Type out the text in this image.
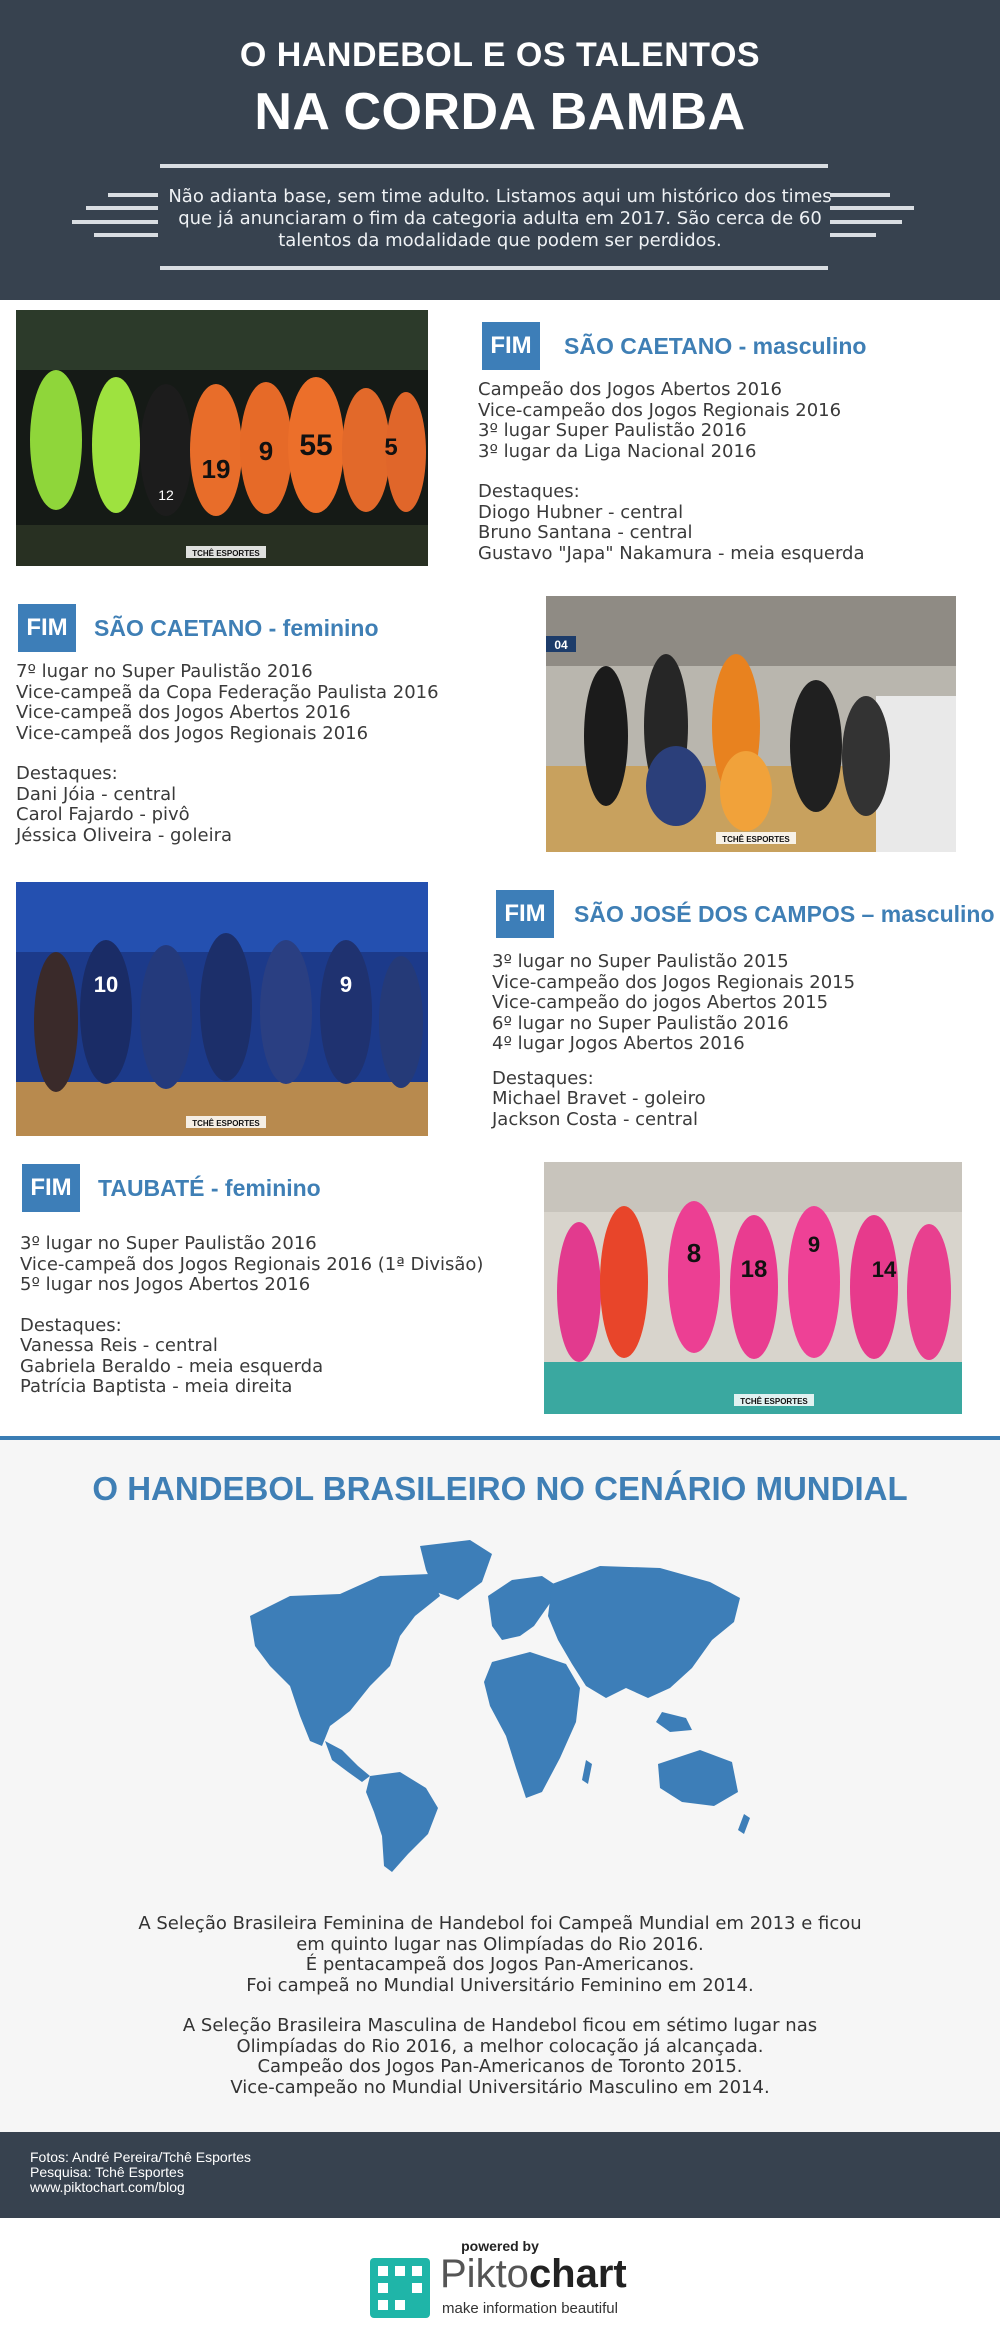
O HANDEBOL E OS TALENTOS
NA CORDA BAMBA
Não adianta base, sem time adulto. Listamos aqui um histórico dos times que já anunciaram o fim da categoria adulta em 2017. São cerca de 60 talentos da modalidade que podem ser perdidos.
12
19
9 55 5
TCHÊ ESPORTES
FIM	SÃO CAETANO - masculino
Campeão dos Jogos Abertos 2016
Vice-campeão dos Jogos Regionais 2016
3º lugar Super Paulistão 2016
3º lugar da Liga Nacional 2016
Destaques:
Diogo Hubner - central
Bruno Santana - central
Gustavo "Japa" Nakamura - meia esquerda
FIM	SÃO CAETANO - feminino
7º lugar no Super Paulistão 2016
Vice-campeã da Copa Federação Paulista 2016
Vice-campeã dos Jogos Abertos 2016
Vice-campeã dos Jogos Regionais 2016
Destaques:
Dani Jóia - central
Carol Fajardo - pivô
Jéssica Oliveira - goleira
04
TCHÊ ESPORTES
10	9
TCHÊ ESPORTES
FIM	SÃO JOSÉ DOS CAMPOS – masculino
3º lugar no Super Paulistão 2015
Vice-campeão dos Jogos Regionais 2015
Vice-campeão do jogos Abertos 2015
6º lugar no Super Paulistão 2016
4º lugar Jogos Abertos 2016
Destaques:
Michael Bravet - goleiro
Jackson Costa - central
FIM	TAUBATÉ - feminino
3º lugar no Super Paulistão 2016
Vice-campeã dos Jogos Regionais 2016 (1ª Divisão)
5º lugar nos Jogos Abertos 2016
Destaques:
Vanessa Reis - central
Gabriela Beraldo - meia esquerda
Patrícia Baptista - meia direita
8
18
9
14
TCHÊ ESPORTES
O HANDEBOL BRASILEIRO NO CENÁRIO MUNDIAL
A Seleção Brasileira Feminina de Handebol foi Campeã Mundial em 2013 e ficou
em quinto lugar nas Olimpíadas do Rio 2016.
É pentacampeã dos Jogos Pan-Americanos.
Foi campeã no Mundial Universitário Feminino em 2014.
A Seleção Brasileira Masculina de Handebol ficou em sétimo lugar nas
Olimpíadas do Rio 2016, a melhor colocação já alcançada.
Campeão dos Jogos Pan-Americanos de Toronto 2015.
Vice-campeão no Mundial Universitário Masculino em 2014.
Fotos: André Pereira/Tchê Esportes
Pesquisa: Tchê Esportes
www.piktochart.com/blog
powered by
Piktochart
make information beautiful
